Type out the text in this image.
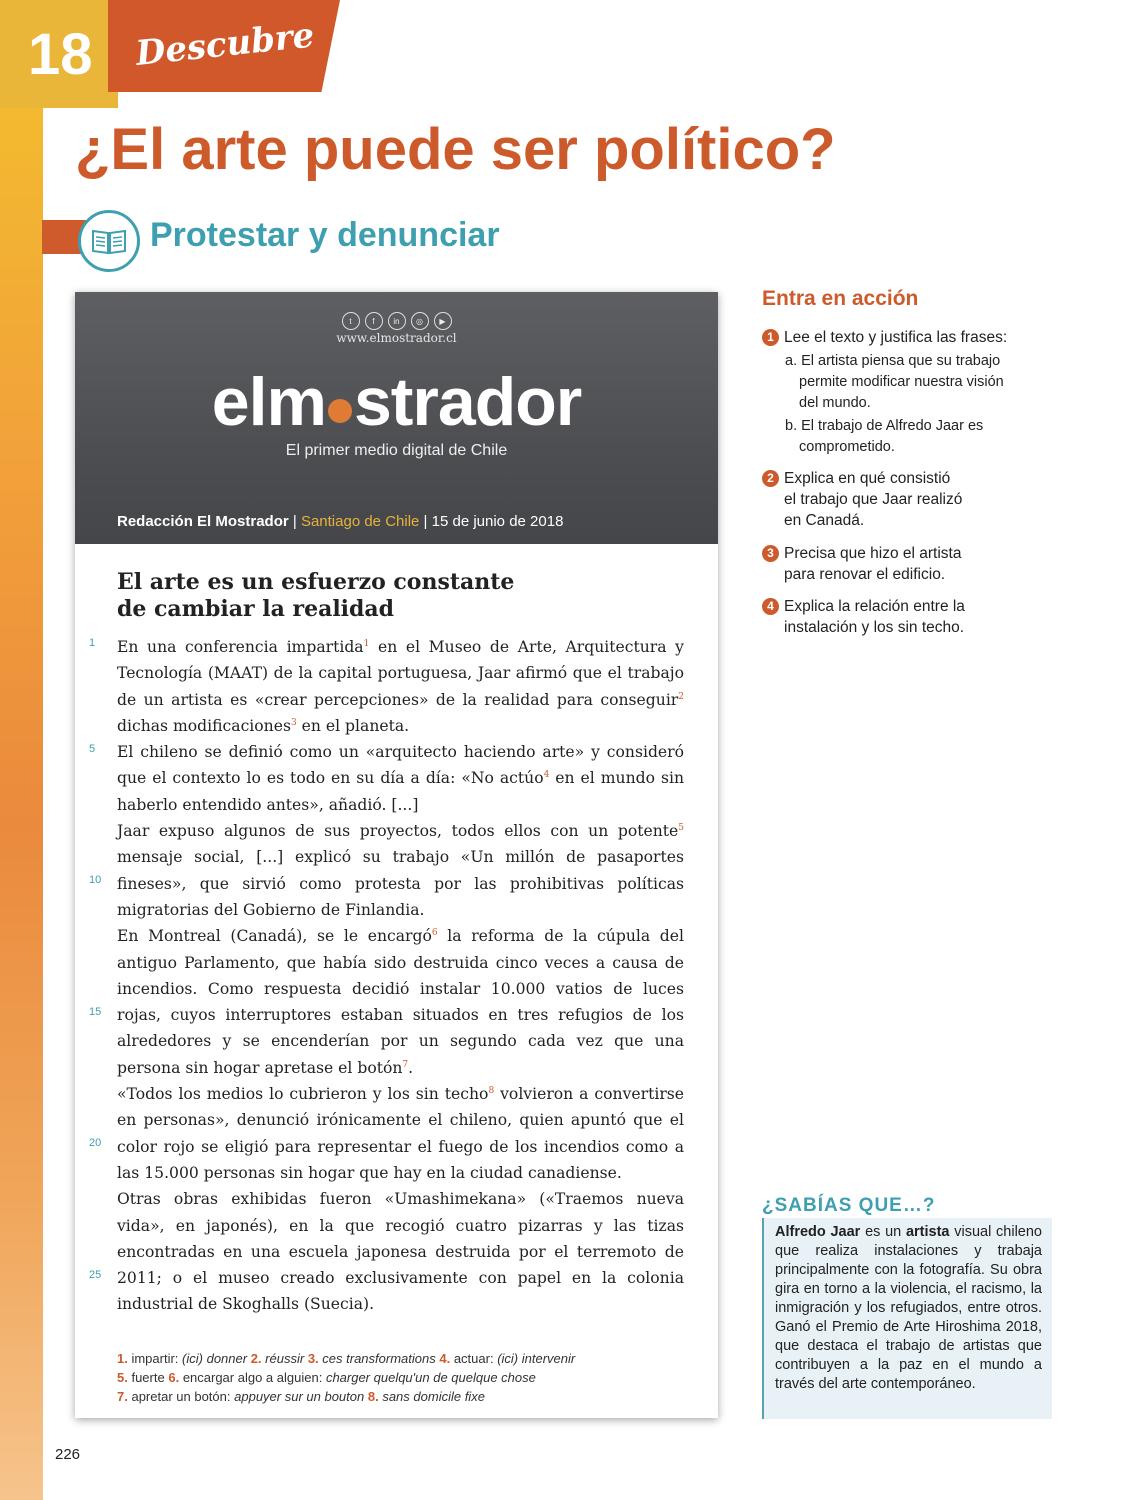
18 Descubre
¿El arte puede ser político?
Protestar y denunciar
t	f	in	◎	▶
www.elmostrador.cl
elm strador
El primer medio digital de Chile
Redacción El Mostrador | Santiago de Chile | 15 de junio de 2018
El arte es un esfuerzo constante
de cambiar la realidad
1
5
10
15
20
25

En una conferencia impartida$^1$ en el Museo de Arte, Arquitectura y Tecnología (MAAT) de la capital portuguesa, Jaar afirmó que el trabajo de un artista es «crear percepciones» de la realidad para conseguir$^2$ dichas modificaciones$^3$ en el planeta.

El chileno se definió como un «arquitecto haciendo arte» y consideró que el contexto lo es todo en su día a día: «No actúo$^4$ en el mundo sin haberlo entendido antes», añadió. [...]

Jaar expuso algunos de sus proyectos, todos ellos con un potente$^5$ mensaje social, [...] explicó su trabajo «Un millón de pasaportes fineses», que sirvió como protesta por las prohibitivas políticas migratorias del Gobierno de Finlandia.

En Montreal (Canadá), se le encargó$^6$ la reforma de la cúpula del antiguo Parlamento, que había sido destruida cinco veces a causa de incendios. Como respuesta decidió instalar 10.000 vatios de luces rojas, cuyos interruptores estaban situados en tres refugios de los alrededores y se encenderían por un segundo cada vez que una persona sin hogar apretase el botón$^7$.

«Todos los medios lo cubrieron y los sin techo$^8$ volvieron a convertirse en personas», denunció irónicamente el chileno, quien apuntó que el color rojo se eligió para representar el fuego de los incendios como a las 15.000 personas sin hogar que hay en la ciudad canadiense.

Otras obras exhibidas fueron «Umashimekana» («Traemos nueva vida», en japonés), en la que recogió cuatro pizarras y las tizas encontradas en una escuela japonesa destruida por el terremoto de 2011; o el museo creado exclusivamente con papel en la colonia industrial de Skoghalls (Suecia).

1. impartir: (ici) donner 2. réussir 3. ces transformations 4. actuar: (ici) intervenir
5. fuerte 6. encargar algo a alguien: charger quelqu'un de quelque chose
7. apretar un botón: appuyer sur un bouton 8. sans domicile fixe
Entra en acción
1 Lee el texto y justifica las frases:
a. El artista piensa que su trabajo
permite modificar nuestra visión
del mundo.
b. El trabajo de Alfredo Jaar es
comprometido.
2 Explica en qué consistió
el trabajo que Jaar realizó
en Canadá.
3 Precisa que hizo el artista
para renovar el edificio.
4 Explica la relación entre la
instalación y los sin techo.
¿SABÍAS QUE…?
Alfredo Jaar es un artista visual chileno que realiza instalaciones y trabaja principalmente con la fotografía. Su obra gira en torno a la violencia, el racismo, la inmigración y los refugiados, entre otros. Ganó el Premio de Arte Hiroshima 2018, que destaca el trabajo de artistas que contribuyen a la paz en el mundo a través del arte contemporáneo.
226
